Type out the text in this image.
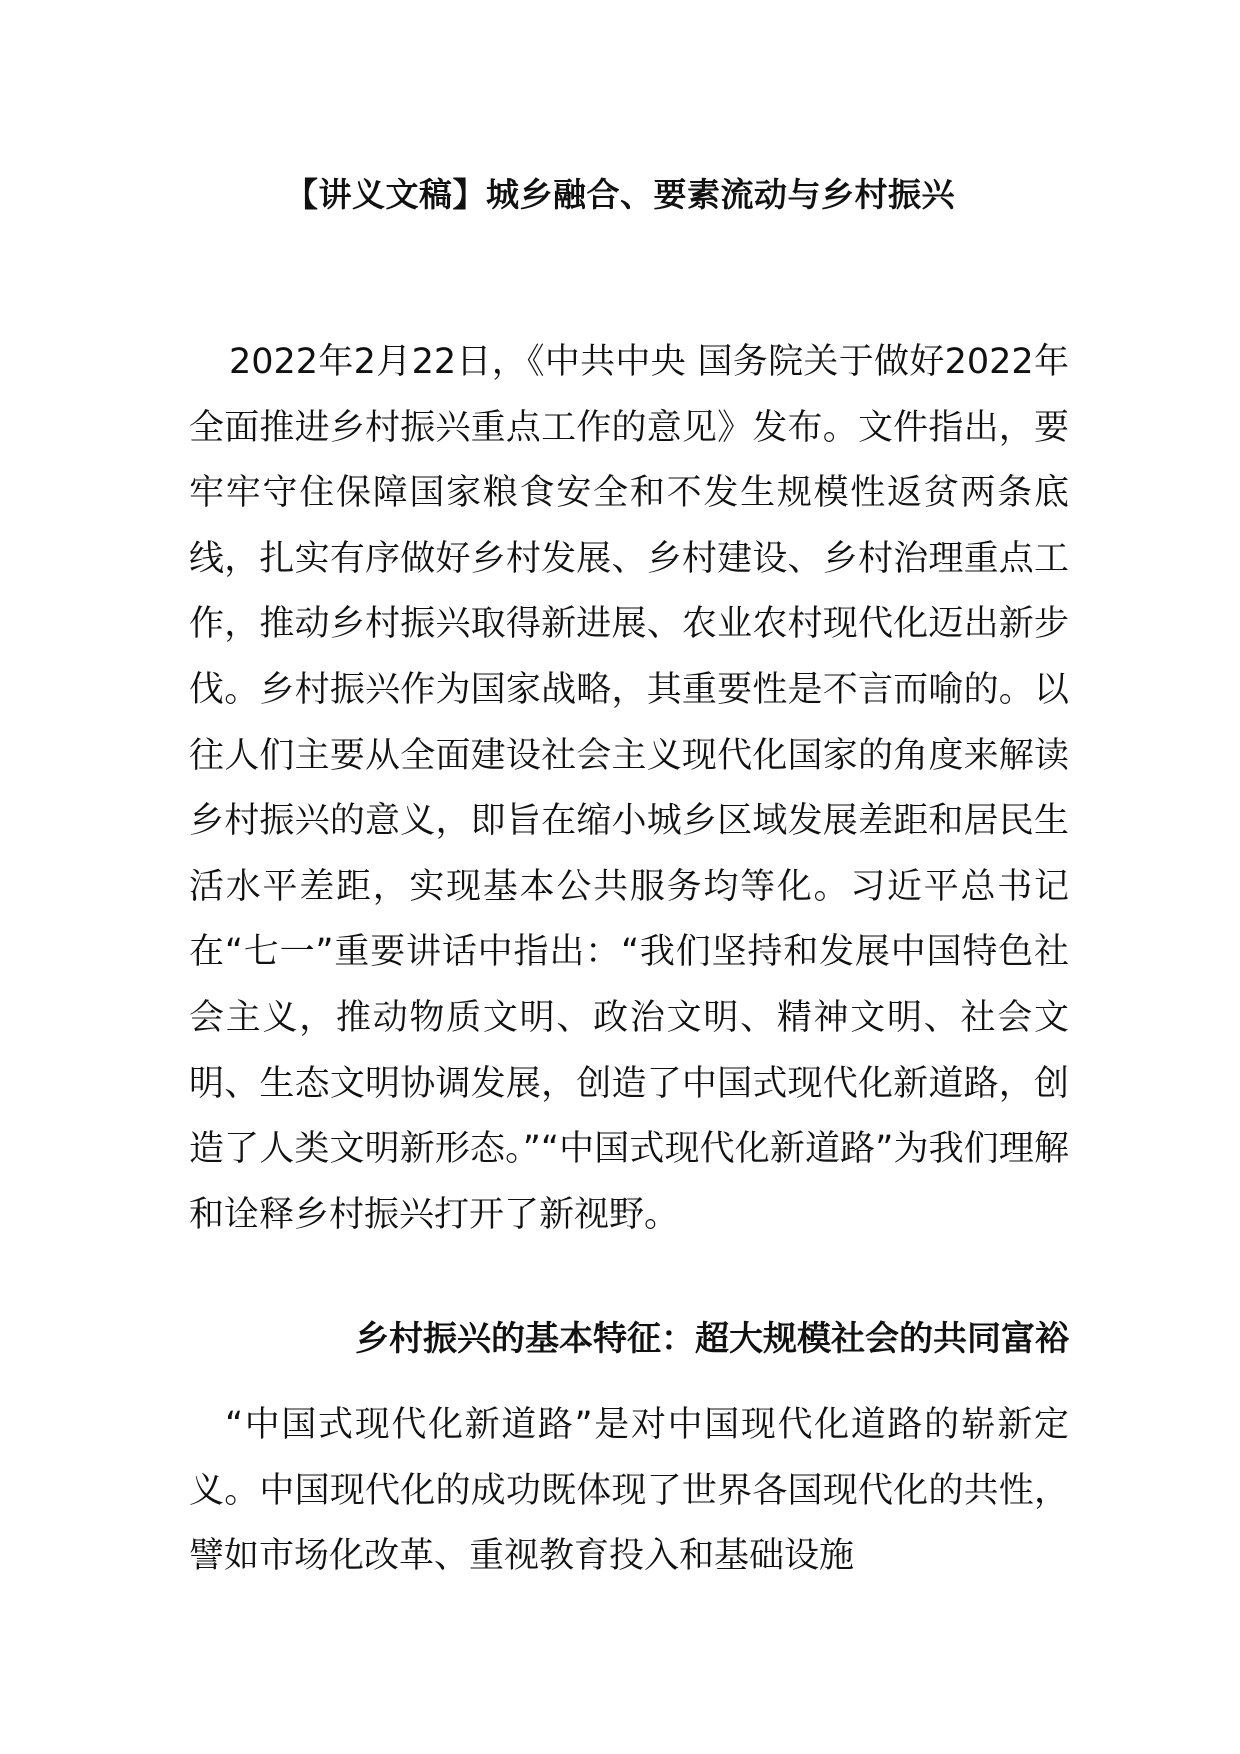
【讲义文稿】城乡融合、要素流动与乡村振兴

2022年2月22日，《中共中央 国务院关于做好2022年全面推进乡村振兴重点工作的意见》发布。文件指出，要牢牢守住保障国家粮食安全和不发生规模性返贫两条底线，扎实有序做好乡村发展、乡村建设、乡村治理重点工作，推动乡村振兴取得新进展、农业农村现代化迈出新步伐。乡村振兴作为国家战略，其重要性是不言而喻的。以往人们主要从全面建设社会主义现代化国家的角度来解读乡村振兴的意义，即旨在缩小城乡区域发展差距和居民生活水平差距，实现基本公共服务均等化。习近平总书记在“七一”重要讲话中指出：“我们坚持和发展中国特色社会主义，推动物质文明、政治文明、精神文明、社会文明、生态文明协调发展，创造了中国式现代化新道路，创造了人类文明新形态。”“中国式现代化新道路”为我们理解和诠释乡村振兴打开了新视野。

乡村振兴的基本特征：超大规模社会的共同富裕

“中国式现代化新道路”是对中国现代化道路的崭新定义。中国现代化的成功既体现了世界各国现代化的共性，譬如市场化改革、重视教育投入和基础设施
